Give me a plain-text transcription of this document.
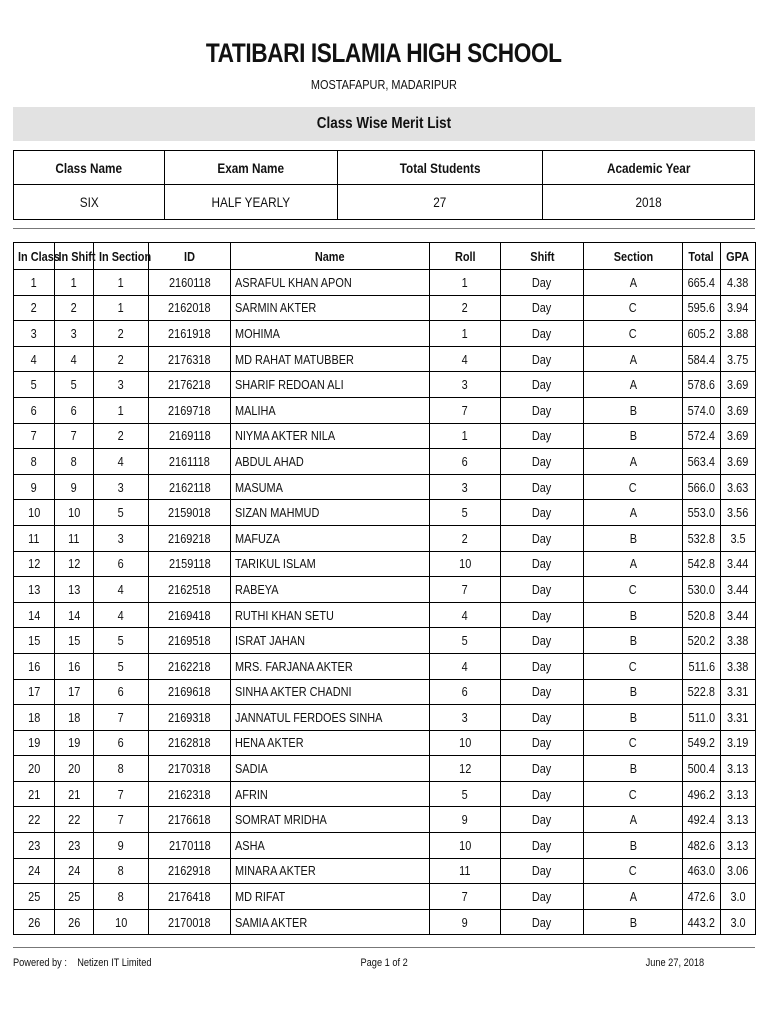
TATIBARI ISLAMIA HIGH SCHOOL
MOSTAFAPUR, MADARIPUR
Class Wise Merit List
Class Name	Exam Name	Total Students	Academic Year
SIX	HALF YEARLY	27	2018
In Class	In Shift	In Section	ID	Name	Roll	Shift	Section	Total	GPA
1	1	1	2160118	ASRAFUL KHAN APON	1	Day	A	665.4	4.38
2	2	1	2162018	SARMIN AKTER	2	Day	C	595.6	3.94
3	3	2	2161918	MOHIMA	1	Day	C	605.2	3.88
4	4	2	2176318	MD RAHAT MATUBBER	4	Day	A	584.4	3.75
5	5	3	2176218	SHARIF REDOAN ALI	3	Day	A	578.6	3.69
6	6	1	2169718	MALIHA	7	Day	B	574.0	3.69
7	7	2	2169118	NIYMA AKTER NILA	1	Day	B	572.4	3.69
8	8	4	2161118	ABDUL AHAD	6	Day	A	563.4	3.69
9	9	3	2162118	MASUMA	3	Day	C	566.0	3.63
10	10	5	2159018	SIZAN MAHMUD	5	Day	A	553.0	3.56
11	11	3	2169218	MAFUZA	2	Day	B	532.8	3.5
12	12	6	2159118	TARIKUL ISLAM	10	Day	A	542.8	3.44
13	13	4	2162518	RABEYA	7	Day	C	530.0	3.44
14	14	4	2169418	RUTHI KHAN SETU	4	Day	B	520.8	3.44
15	15	5	2169518	ISRAT JAHAN	5	Day	B	520.2	3.38
16	16	5	2162218	MRS. FARJANA AKTER	4	Day	C	511.6	3.38
17	17	6	2169618	SINHA AKTER CHADNI	6	Day	B	522.8	3.31
18	18	7	2169318	JANNATUL FERDOES SINHA	3	Day	B	511.0	3.31
19	19	6	2162818	HENA AKTER	10	Day	C	549.2	3.19
20	20	8	2170318	SADIA	12	Day	B	500.4	3.13
21	21	7	2162318	AFRIN	5	Day	C	496.2	3.13
22	22	7	2176618	SOMRAT MRIDHA	9	Day	A	492.4	3.13
23	23	9	2170118	ASHA	10	Day	B	482.6	3.13
24	24	8	2162918	MINARA AKTER	11	Day	C	463.0	3.06
25	25	8	2176418	MD RIFAT	7	Day	A	472.6	3.0
26	26	10	2170018	SAMIA AKTER	9	Day	B	443.2	3.0
Powered by :    Netizen IT Limited	Page 1 of 2	June 27, 2018
